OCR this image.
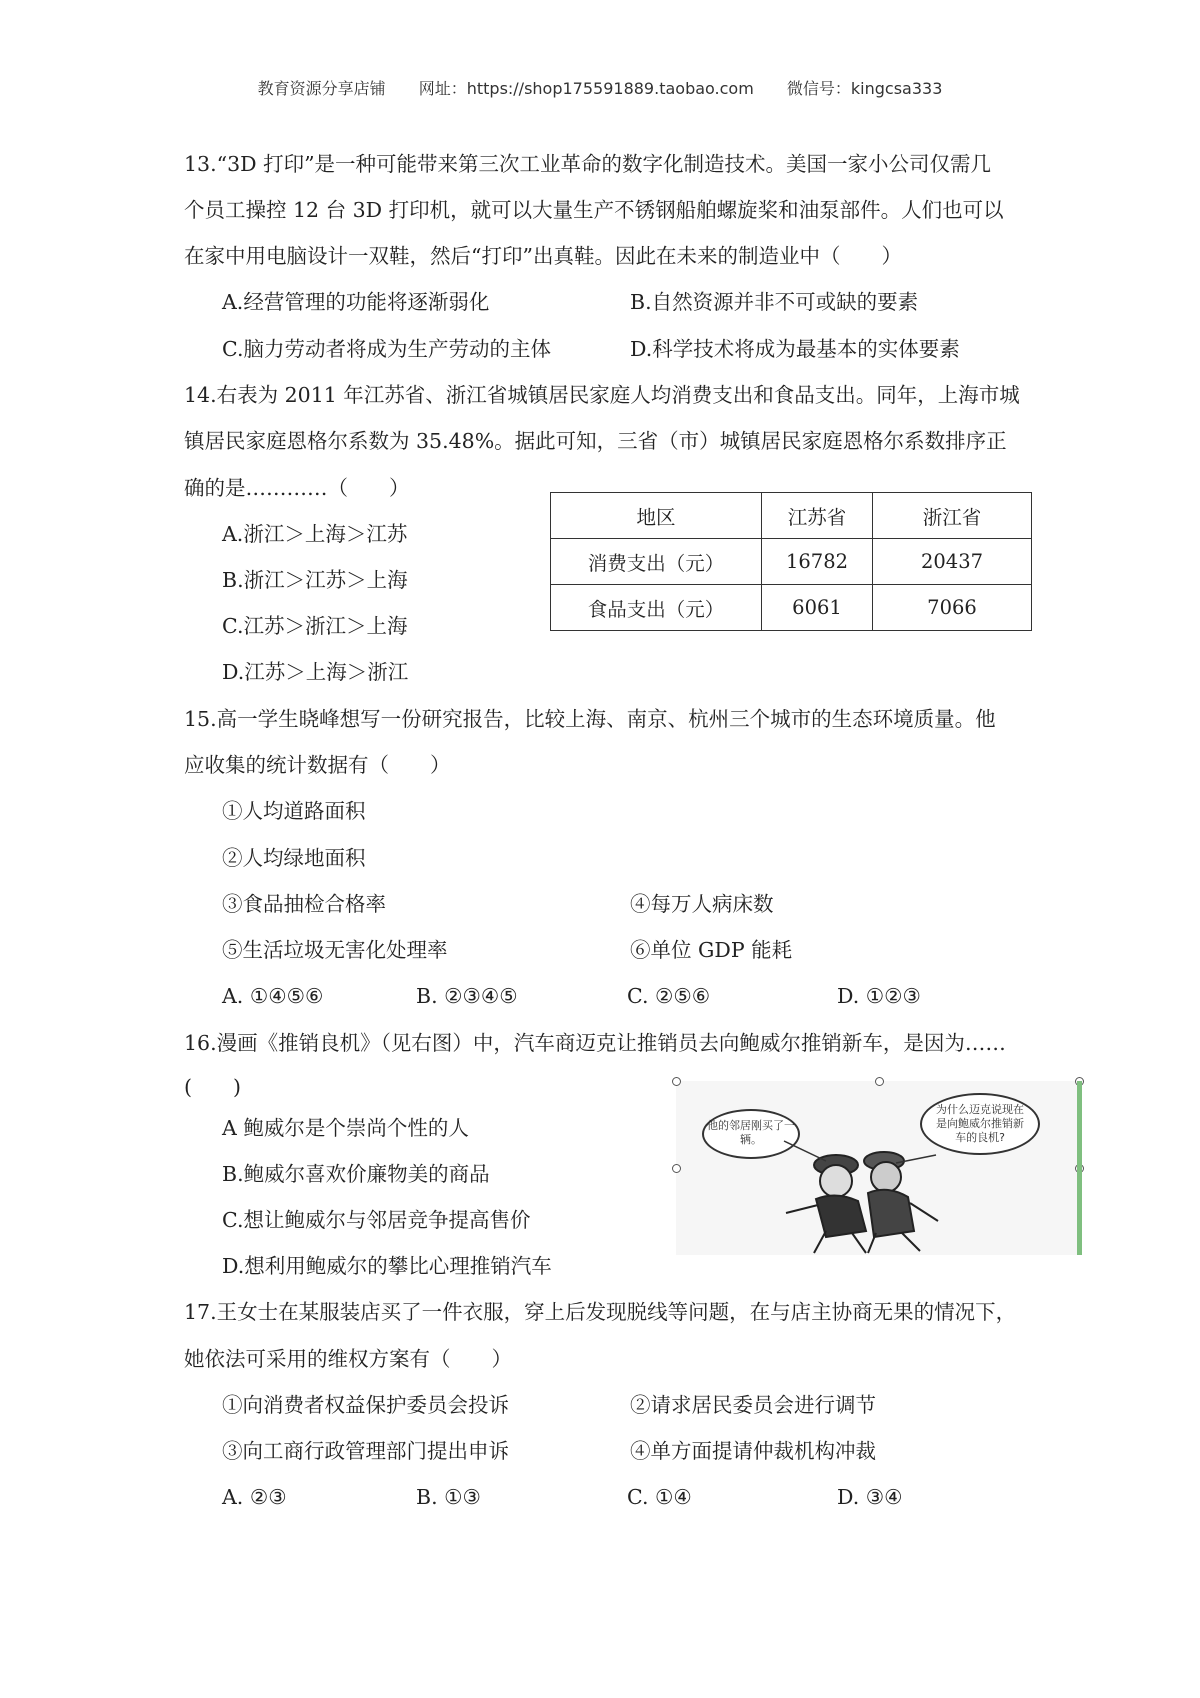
教育资源分享店铺 网址：https://shop175591889.taobao.com 微信号：kingcsa333
13.“3D 打印”是一种可能带来第三次工业革命的数字化制造技术。美国一家小公司仅需几
个员工操控 12 台 3D 打印机，就可以大量生产不锈钢船舶螺旋桨和油泵部件。人们也可以
在家中用电脑设计一双鞋，然后“打印”出真鞋。因此在未来的制造业中（　　）
A.经营管理的功能将逐渐弱化	B.自然资源并非不可或缺的要素
C.脑力劳动者将成为生产劳动的主体	D.科学技术将成为最基本的实体要素
14.右表为 2011 年江苏省、浙江省城镇居民家庭人均消费支出和食品支出。同年，上海市城
镇居民家庭恩格尔系数为 35.48%。据此可知，三省（市）城镇居民家庭恩格尔系数排序正
确的是…………（　　）
A.浙江＞上海＞江苏
B.浙江＞江苏＞上海
C.江苏＞浙江＞上海
D.江苏＞上海＞浙江
地区	江苏省	浙江省
消费支出（元）	16782	20437
食品支出（元）	6061	7066
15.高一学生晓峰想写一份研究报告，比较上海、南京、杭州三个城市的生态环境质量。他
应收集的统计数据有（　　）
①人均道路面积
②人均绿地面积
③食品抽检合格率	④每万人病床数
⑤生活垃圾无害化处理率	⑥单位 GDP 能耗
A. ①④⑤⑥	B. ②③④⑤	C. ②⑤⑥	D. ①②③
16.漫画《推销良机》（见右图）中，汽车商迈克让推销员去向鲍威尔推销新车，是因为……
(　　)
A 鲍威尔是个崇尚个性的人
B.鲍威尔喜欢价廉物美的商品
C.想让鲍威尔与邻居竞争提高售价
D.想利用鲍威尔的攀比心理推销汽车
他的邻居刚买了一辆。
为什么迈克说现在是向鲍威尔推销新车的良机?
17.王女士在某服装店买了一件衣服，穿上后发现脱线等问题，在与店主协商无果的情况下，
她依法可采用的维权方案有（　　）
①向消费者权益保护委员会投诉	②请求居民委员会进行调节
③向工商行政管理部门提出申诉	④单方面提请仲裁机构冲裁
A. ②③	B. ①③	C. ①④	D. ③④
